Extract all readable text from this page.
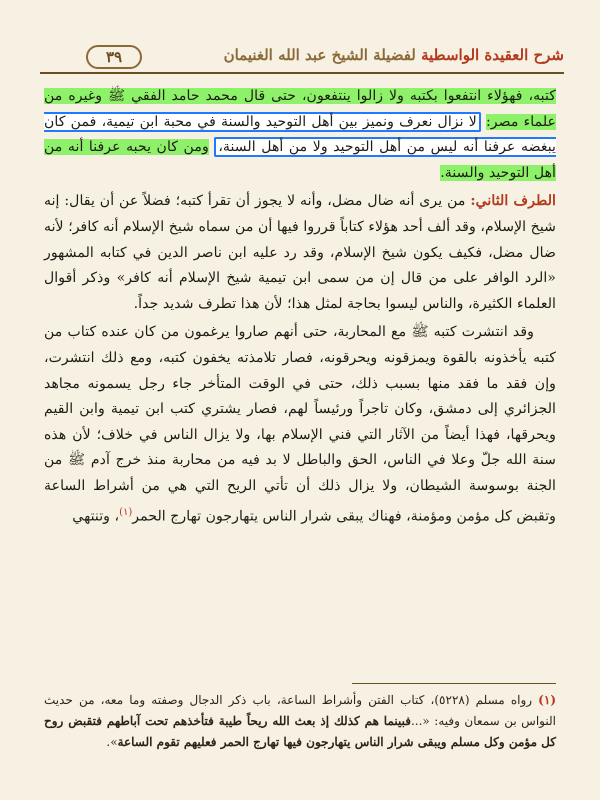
شرح العقيدة الواسطية لفضيلة الشيخ عبد الله الغنيمان
٣٩

كتبه، فهؤلاء انتفعوا بكتبه ولا زالوا ينتفعون، حتى قال محمد حامد الفقي ﷺ وغيره من علماء مصر: لا نزال نعرف ونميز بين أهل التوحيد والسنة في محبة ابن تيمية، فمن كان يبغضه عرفنا أنه ليس من أهل التوحيد ولا من أهل السنة، ومن كان يحبه عرفنا أنه من أهل التوحيد والسنة.

الطرف الثاني: من يرى أنه ضال مضل، وأنه لا يجوز أن تقرأ كتبه؛ فضلاً عن أن يقال: إنه شيخ الإسلام، وقد ألف أحد هؤلاء كتاباً قرروا فيها أن من سماه شيخ الإسلام أنه كافر؛ لأنه ضال مضل، فكيف يكون شيخ الإسلام، وقد رد عليه ابن ناصر الدين في كتابه المشهور «الرد الوافر على من قال إن من سمى ابن تيمية شيخ الإسلام أنه كافر» وذكر أقوال العلماء الكثيرة، والناس ليسوا بحاجة لمثل هذا؛ لأن هذا تطرف شديد جداً.

وقد انتشرت كتبه ﷺ مع المحاربة، حتى أنهم صاروا يرغمون من كان عنده كتاب من كتبه يأخذونه بالقوة ويمزقونه ويحرقونه، فصار تلامذته يخفون كتبه، ومع ذلك انتشرت، وإن فقد ما فقد منها بسبب ذلك، حتى في الوقت المتأخر جاء رجل يسمونه مجاهد الجزائري إلى دمشق، وكان تاجراً ورئيساً لهم، فصار يشتري كتب ابن تيمية وابن القيم ويحرقها، فهذا أيضاً من الآثار التي فني الإسلام بها، ولا يزال الناس في خلاف؛ لأن هذه سنة الله جلّ وعلا في الناس، الحق والباطل لا بد فيه من محاربة منذ خرج آدم ﷺ من الجنة بوسوسة الشيطان، ولا يزال ذلك أن تأتي الريح التي هي من أشراط الساعة وتقبض كل مؤمن ومؤمنة، فهناك يبقى شرار الناس يتهارجون تهارج الحمر$^{(١)}$، وتنتهي

(١) رواه مسلم (٥٢٢٨)، كتاب الفتن وأشراط الساعة، باب ذكر الدجال وصفته وما معه، من حديث النواس بن سمعان وفيه: «...فبينما هم كذلك إذ بعث الله ريحاً طيبة فتأخذهم تحت آباطهم فتقبض روح كل مؤمن وكل مسلم ويبقى شرار الناس يتهارجون فيها تهارج الحمر فعليهم تقوم الساعة».
